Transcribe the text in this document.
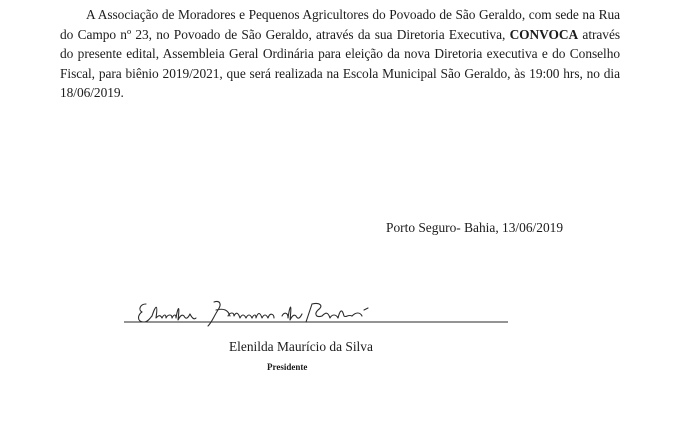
A Associação de Moradores e Pequenos Agricultores do Povoado de São Geraldo, com sede na Rua do Campo nº 23, no Povoado de São Geraldo, através da sua Diretoria Executiva, CONVOCA através do presente edital, Assembleia Geral Ordinária para eleição da nova Diretoria executiva e do Conselho Fiscal, para biênio 2019/2021, que será realizada na Escola Municipal São Geraldo, às 19:00 hrs, no dia 18/06/2019.

Porto Seguro- Bahia, 13/06/2019
Elenilda Maurício da Silva
Presidente
